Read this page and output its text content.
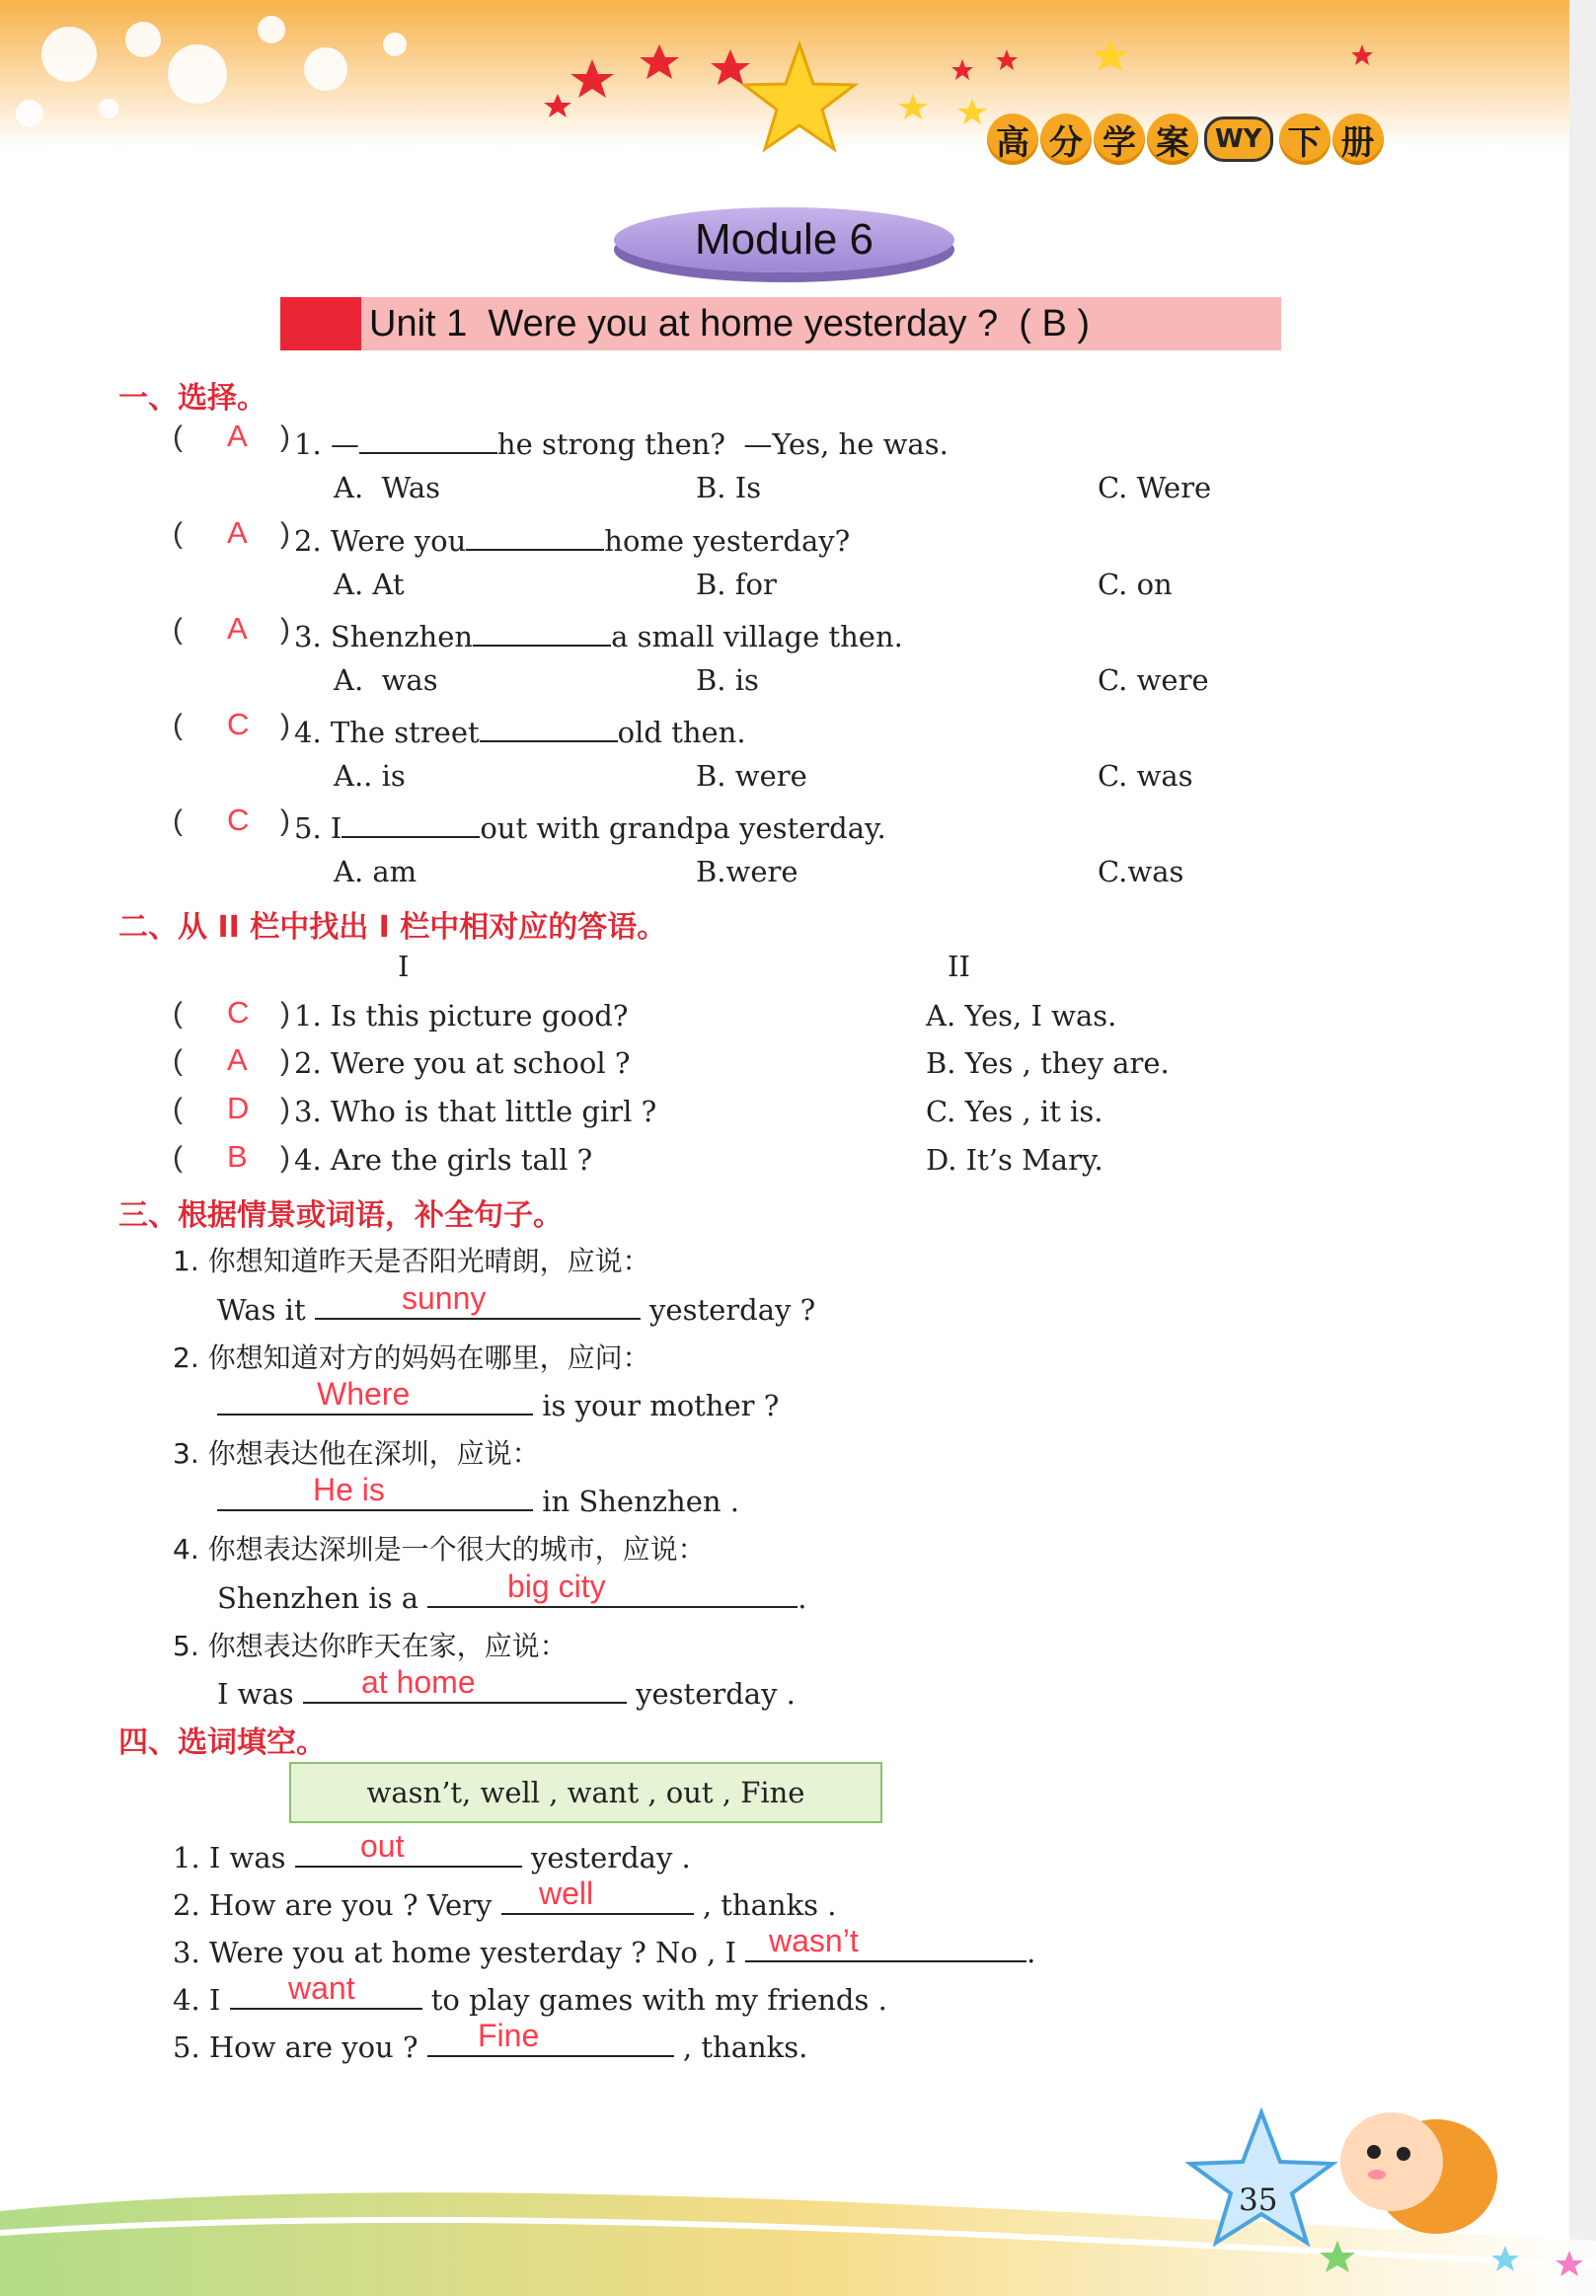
高 分 学 案	WY 下 册
Module 6
Unit 1  Were you at home yesterday ?  ( B )
一、选择。
( A ) 1. —	he strong then?  —Yes, he was.
A.  Was	B. Is	C. Were
( A ) 2. Were you	home yesterday?
A. At	B. for	C. on
( A ) 3. Shenzhen	a small village then.
A.  was	B. is	C. were
( C ) 4. The street	old then.
A.. is	B. were	C. was
( C ) 5. I	out with grandpa yesterday.
A. am	B.were	C.was
二、从 II 栏中找出 I 栏中相对应的答语。
I	II
( C ) 1. Is this picture good?	A. Yes, I was.
( A ) 2. Were you at school ?	B. Yes , they are.
( D ) 3. Who is that little girl ?	C. Yes , it is.
( B ) 4. Are the girls tall ?	D. It’s Mary.
三、根据情景或词语，补全句子。
1. 你想知道昨天是否阳光晴朗，应说：
Was it	yesterday ?
sunny
2. 你想知道对方的妈妈在哪里，应问：
is your mother ?
Where
3. 你想表达他在深圳，应说：
in Shenzhen .
He is
4. 你想表达深圳是一个很大的城市，应说：
Shenzhen is a	.
big city
5. 你想表达你昨天在家，应说：
I was	yesterday .
at home
四、选词填空。
wasn’t, well , want , out , Fine
1. I was	yesterday .
out
2. How are you ? Very	, thanks .
well
3. Were you at home yesterday ? No , I	.
wasn’t
4. I	to play games with my friends .
want
5. How are you ?	, thanks.
Fine
35
